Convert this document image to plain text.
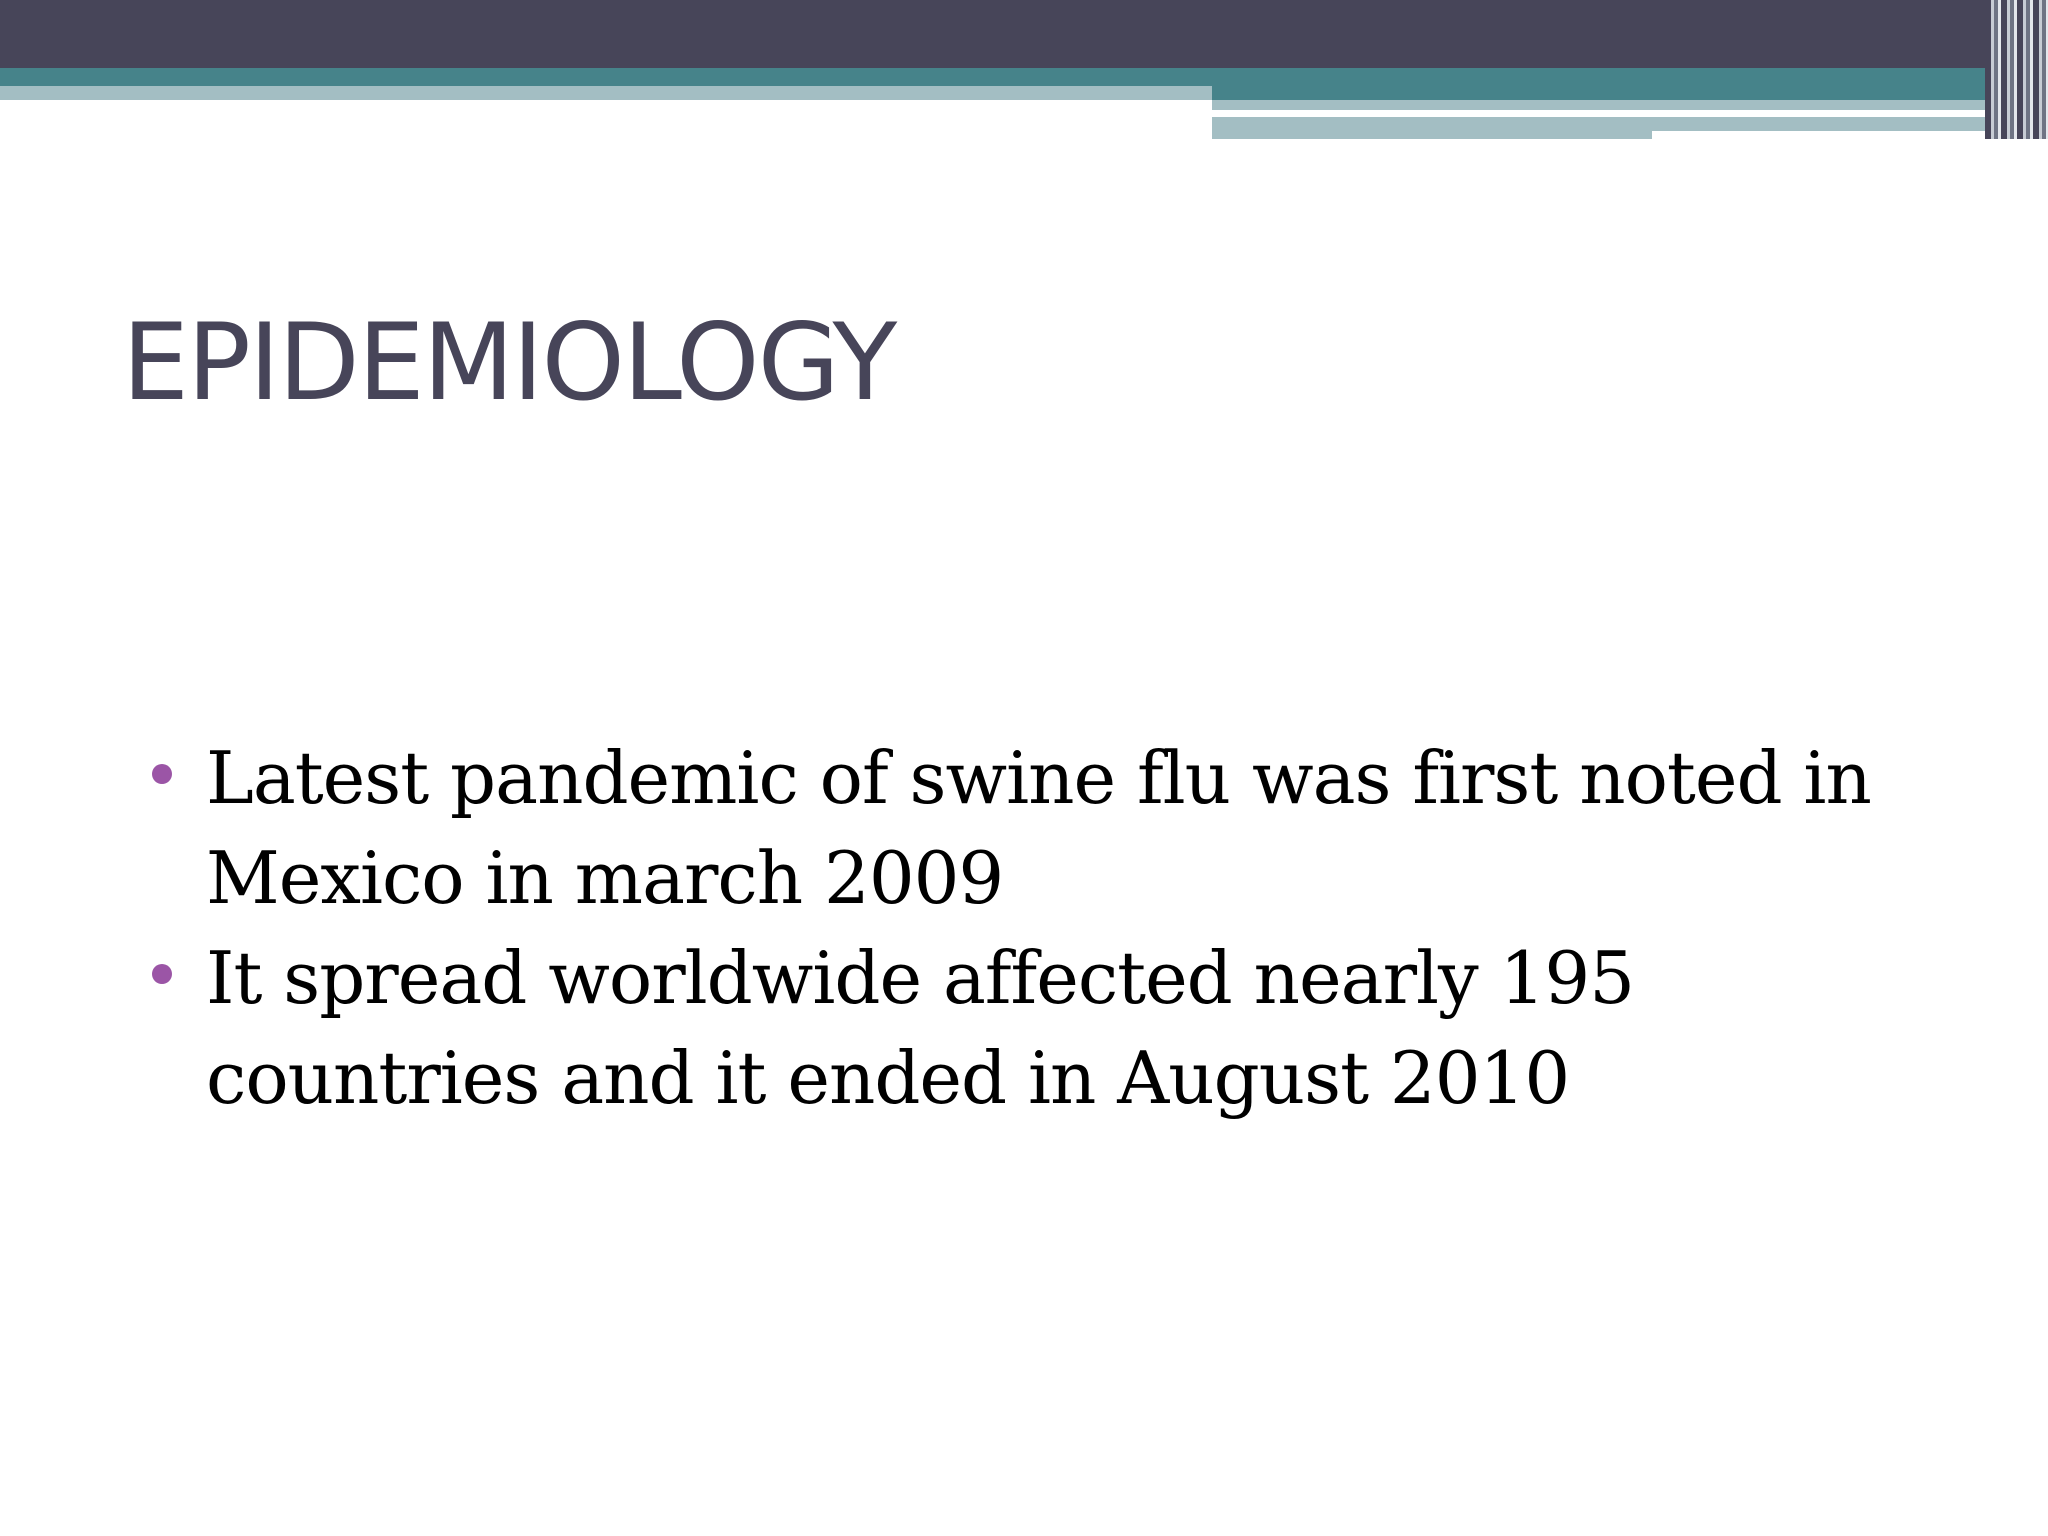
EPIDEMIOLOGY
Latest pandemic of swine flu was first noted in Mexico in march 2009
It spread worldwide affected nearly 195 countries and it ended in August 2010
